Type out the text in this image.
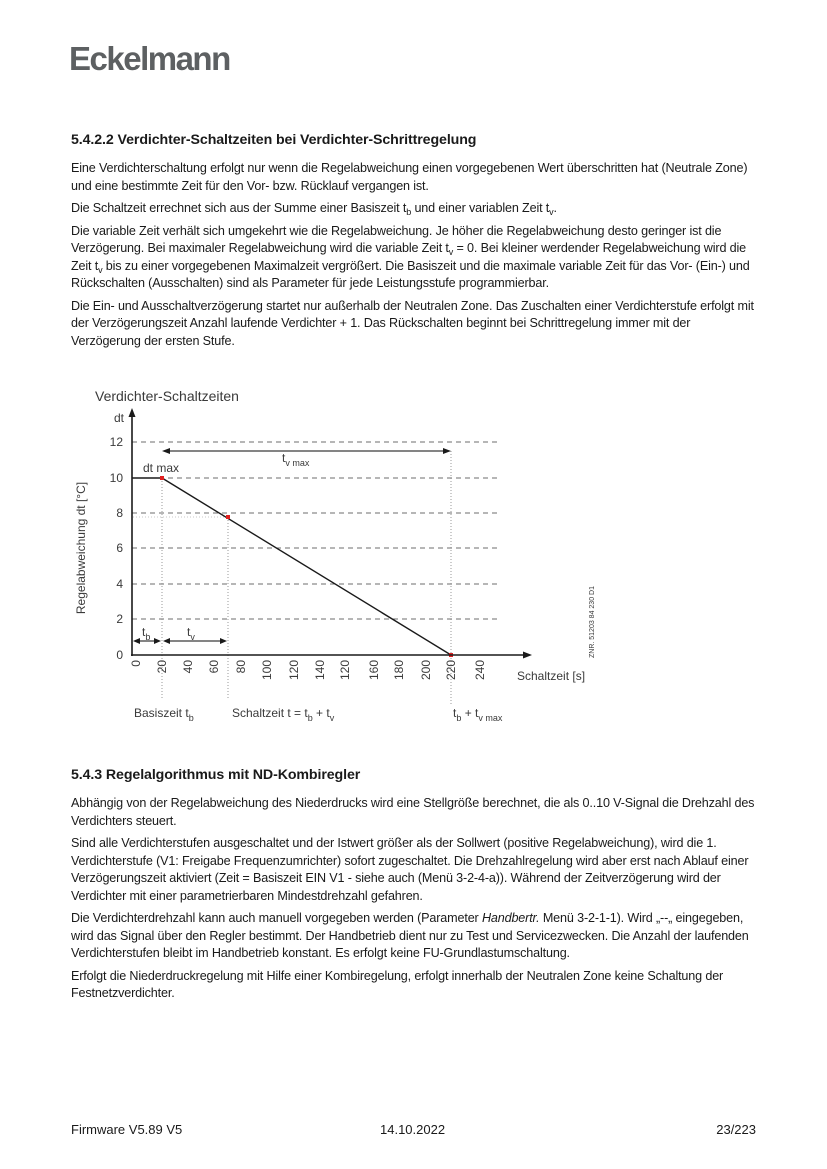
Eckelmann
5.4.2.2 Verdichter-Schaltzeiten bei Verdichter-Schrittregelung

Eine Verdichterschaltung erfolgt nur wenn die Regelabweichung einen vorgegebenen Wert überschritten hat (Neutrale Zone) und eine bestimmte Zeit für den Vor- bzw. Rücklauf vergangen ist.

Die Schaltzeit errechnet sich aus der Summe einer Basiszeit $t_b$ und einer variablen Zeit $t_v$.

Die variable Zeit verhält sich umgekehrt wie die Regelabweichung. Je höher die Regelabweichung desto geringer ist die Verzögerung. Bei maximaler Regelabweichung wird die variable Zeit $t_v = 0$. Bei kleiner werdender Regelabweichung wird die Zeit $t_v$ bis zu einer vorgegebenen Maximalzeit vergrößert. Die Basiszeit und die maximale variable Zeit für das Vor- (Ein-) und Rückschalten (Ausschalten) sind als Parameter für jede Leistungsstufe programmierbar.

Die Ein- und Ausschaltverzögerung startet nur außerhalb der Neutralen Zone. Das Zuschalten einer Verdichterstufe erfolgt mit der Verzögerungszeit Anzahl laufende Verdichter + 1. Das Rückschalten beginnt bei Schrittregelung immer mit der Verzögerung der ersten Stufe.

Verdichter-Schaltzeiten
Regelabweichung dt [°C]
dt
12
10
8
6
4
2
0
0 20 40 60 80 100 120 140 120 160 180 200 220 240	Schaltzeit [s]
$t_{v max}$
dt max
$t_b$	$t_v$
Basiszeit $t_b$	Schaltzeit $t = t_b + t_v$	$t_b + t_{v max}$
ZNR. 51203 84 230 D1
5.4.3 Regelalgorithmus mit ND-Kombiregler

Abhängig von der Regelabweichung des Niederdrucks wird eine Stellgröße berechnet, die als 0..10 V-Signal die Drehzahl des Verdichters steuert.

Sind alle Verdichterstufen ausgeschaltet und der Istwert größer als der Sollwert (positive Regelabweichung), wird die 1. Verdichterstufe (V1: Freigabe Frequenzumrichter) sofort zugeschaltet. Die Drehzahlregelung wird aber erst nach Ablauf einer Verzögerungszeit aktiviert (Zeit = Basiszeit EIN V1 - siehe auch (Menü 3-2-4-a)). Während der Zeitverzögerung wird der Verdichter mit einer parametrierbaren Mindestdrehzahl gefahren.

Die Verdichterdrehzahl kann auch manuell vorgegeben werden (Parameter Handbertr. Menü 3-2-1-1). Wird „--„ eingegeben, wird das Signal über den Regler bestimmt. Der Handbetrieb dient nur zu Test und Servicezwecken. Die Anzahl der laufenden Verdichterstufen bleibt im Handbetrieb konstant. Es erfolgt keine FU-Grundlastumschaltung.

Erfolgt die Niederdruckregelung mit Hilfe einer Kombiregelung, erfolgt innerhalb der Neutralen Zone keine Schaltung der Festnetzverdichter.

Firmware V5.89 V5	14.10.2022	23/223
